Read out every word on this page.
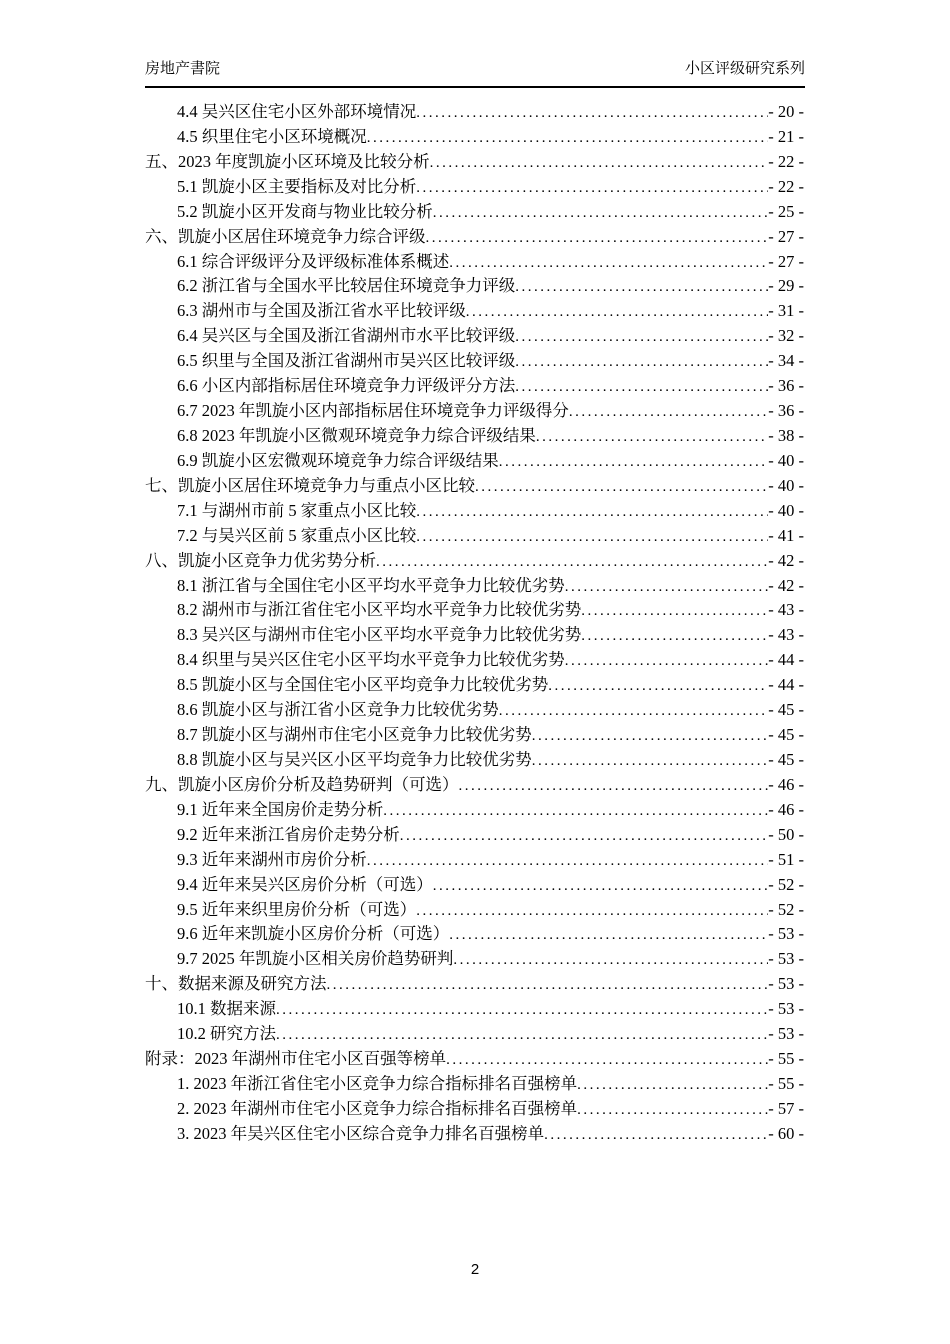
房地产書院	小区评级研究系列
4.4 吴兴区住宅小区外部环境情况 .....	- 20 -
4.5 织里住宅小区环境概况 .....	- 21 -
五、2023 年度凯旋小区环境及比较分析 .....	- 22 -
5.1 凯旋小区主要指标及对比分析 .....	- 22 -
5.2 凯旋小区开发商与物业比较分析 .....	- 25 -
六、凯旋小区居住环境竞争力综合评级 .....	- 27 -
6.1 综合评级评分及评级标准体系概述 .....	- 27 -
6.2 浙江省与全国水平比较居住环境竞争力评级 .....	- 29 -
6.3 湖州市与全国及浙江省水平比较评级 .....	- 31 -
6.4 吴兴区与全国及浙江省湖州市水平比较评级 .....	- 32 -
6.5 织里与全国及浙江省湖州市吴兴区比较评级 .....	- 34 -
6.6 小区内部指标居住环境竞争力评级评分方法 .....	- 36 -
6.7 2023 年凯旋小区内部指标居住环境竞争力评级得分 .....	- 36 -
6.8 2023 年凯旋小区微观环境竞争力综合评级结果 .....	- 38 -
6.9 凯旋小区宏微观环境竞争力综合评级结果 .....	- 40 -
七、凯旋小区居住环境竞争力与重点小区比较 .....	- 40 -
7.1 与湖州市前 5 家重点小区比较 .....	- 40 -
7.2 与吴兴区前 5 家重点小区比较 .....	- 41 -
八、凯旋小区竞争力优劣势分析 .....	- 42 -
8.1 浙江省与全国住宅小区平均水平竞争力比较优劣势 .....	- 42 -
8.2 湖州市与浙江省住宅小区平均水平竞争力比较优劣势 .....	- 43 -
8.3 吴兴区与湖州市住宅小区平均水平竞争力比较优劣势 .....	- 43 -
8.4 织里与吴兴区住宅小区平均水平竞争力比较优劣势 .....	- 44 -
8.5 凯旋小区与全国住宅小区平均竞争力比较优劣势 .....	- 44 -
8.6 凯旋小区与浙江省小区竞争力比较优劣势 .....	- 45 -
8.7 凯旋小区与湖州市住宅小区竞争力比较优劣势 .....	- 45 -
8.8 凯旋小区与吴兴区小区平均竞争力比较优劣势 .....	- 45 -
九、凯旋小区房价分析及趋势研判（可选） .....	- 46 -
9.1 近年来全国房价走势分析 .....	- 46 -
9.2 近年来浙江省房价走势分析 .....	- 50 -
9.3 近年来湖州市房价分析 .....	- 51 -
9.4 近年来吴兴区房价分析（可选） .....	- 52 -
9.5 近年来织里房价分析（可选） .....	- 52 -
9.6 近年来凯旋小区房价分析（可选） .....	- 53 -
9.7 2025 年凯旋小区相关房价趋势研判 .....	- 53 -
十、数据来源及研究方法 .....	- 53 -
10.1 数据来源 .....	- 53 -
10.2 研究方法 .....	- 53 -
附录：2023 年湖州市住宅小区百强等榜单 .....	- 55 -
1. 2023 年浙江省住宅小区竞争力综合指标排名百强榜单 .....	- 55 -
2. 2023 年湖州市住宅小区竞争力综合指标排名百强榜单 .....	- 57 -
3. 2023 年吴兴区住宅小区综合竞争力排名百强榜单 .....	- 60 -
2
